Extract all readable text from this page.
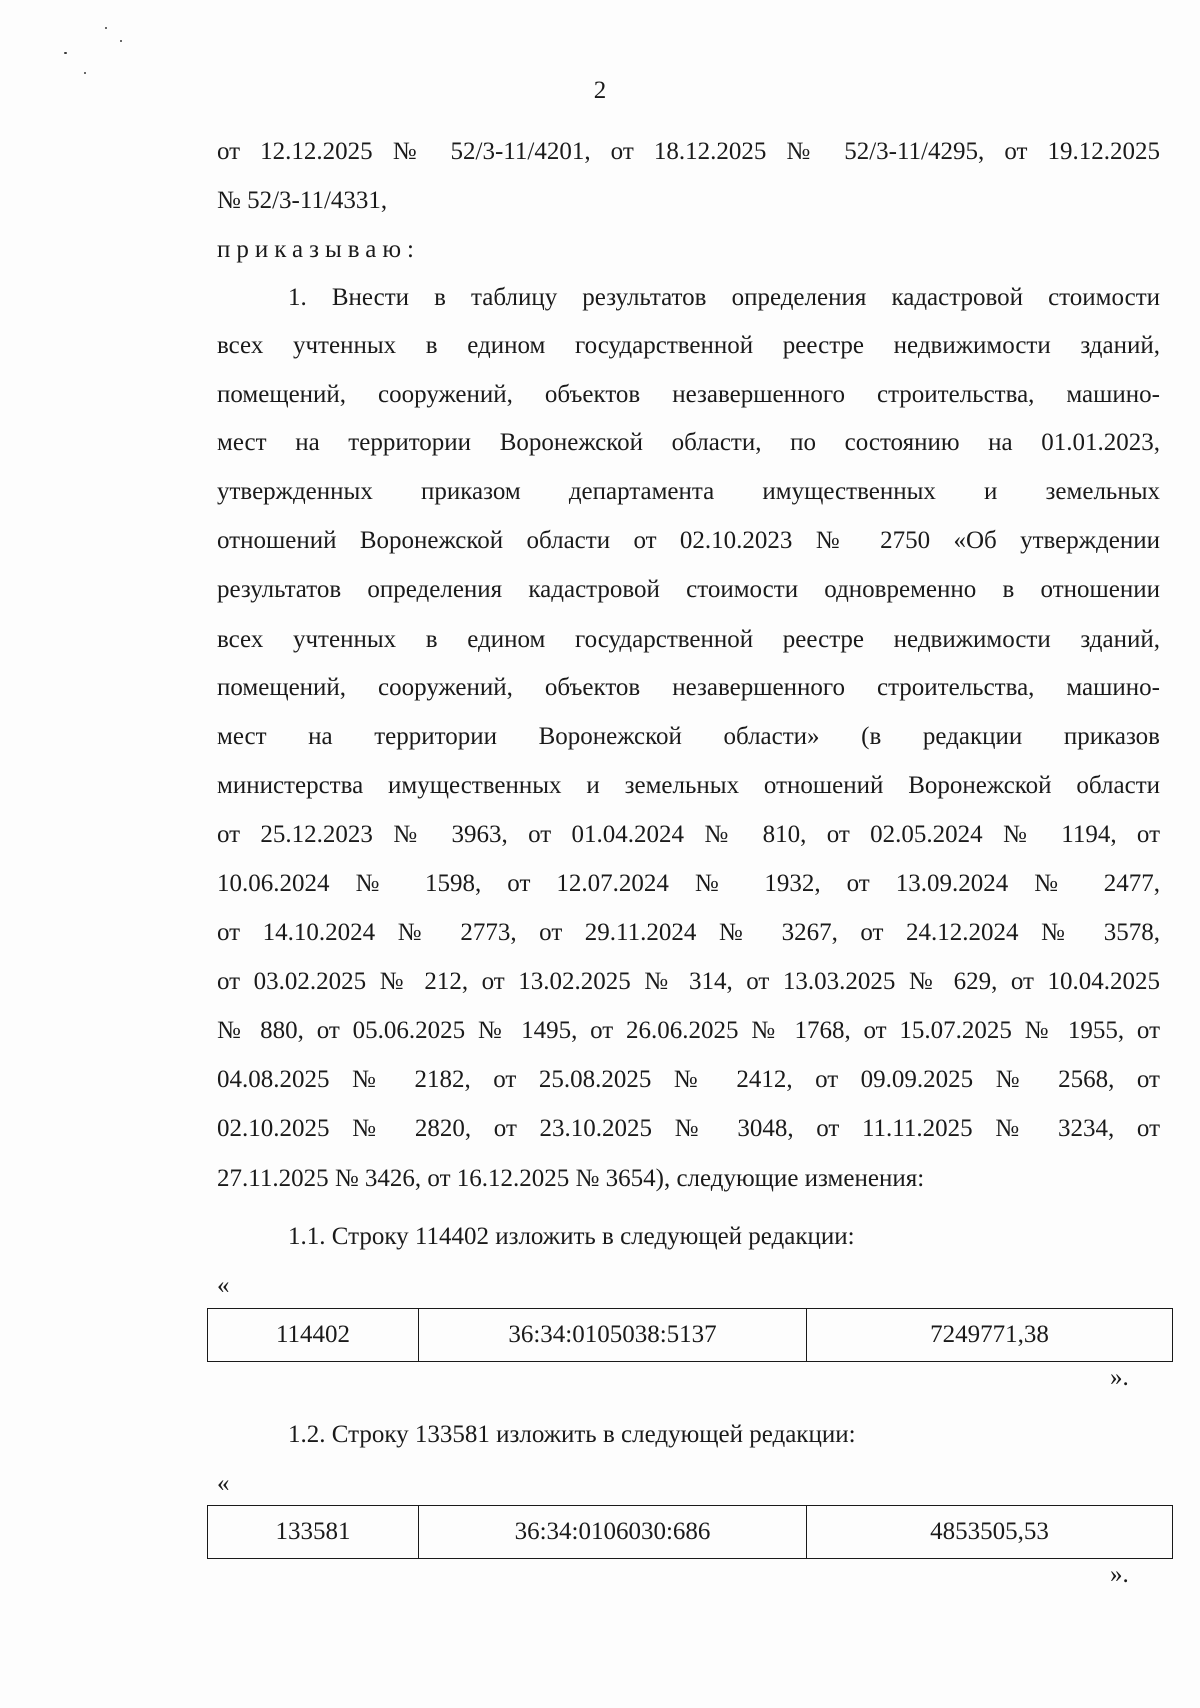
2
от 12.12.2025 № 52/3-11/4201, от 18.12.2025 № 52/3-11/4295, от 19.12.2025
№ 52/3-11/4331,
приказываю:
1. Внести в таблицу результатов определения кадастровой стоимости
всех учтенных в едином государственной реестре недвижимости зданий,
помещений, сооружений, объектов незавершенного строительства, машино-
мест на территории Воронежской области, по состоянию на 01.01.2023,
утвержденных приказом департамента имущественных и земельных
отношений Воронежской области от 02.10.2023 № 2750 «Об утверждении
результатов определения кадастровой стоимости одновременно в отношении
всех учтенных в едином государственной реестре недвижимости зданий,
помещений, сооружений, объектов незавершенного строительства, машино-
мест на территории Воронежской области» (в редакции приказов
министерства имущественных и земельных отношений Воронежской области
от 25.12.2023 № 3963, от 01.04.2024 № 810, от 02.05.2024 № 1194, от
10.06.2024 № 1598, от 12.07.2024 № 1932, от 13.09.2024 № 2477,
от 14.10.2024 № 2773, от 29.11.2024 № 3267, от 24.12.2024 № 3578,
от 03.02.2025 № 212, от 13.02.2025 № 314, от 13.03.2025 № 629, от 10.04.2025
№ 880, от 05.06.2025 № 1495, от 26.06.2025 № 1768, от 15.07.2025 № 1955, от
04.08.2025 № 2182, от 25.08.2025 № 2412, от 09.09.2025 № 2568, от
02.10.2025 № 2820, от 23.10.2025 № 3048, от 11.11.2025 № 3234, от
27.11.2025 № 3426, от 16.12.2025 № 3654), следующие изменения:
1.1. Строку 114402 изложить в следующей редакции:
«
114402	36:34:0105038:5137	7249771,38
».
1.2. Строку 133581 изложить в следующей редакции:
«
133581	36:34:0106030:686	4853505,53
».
